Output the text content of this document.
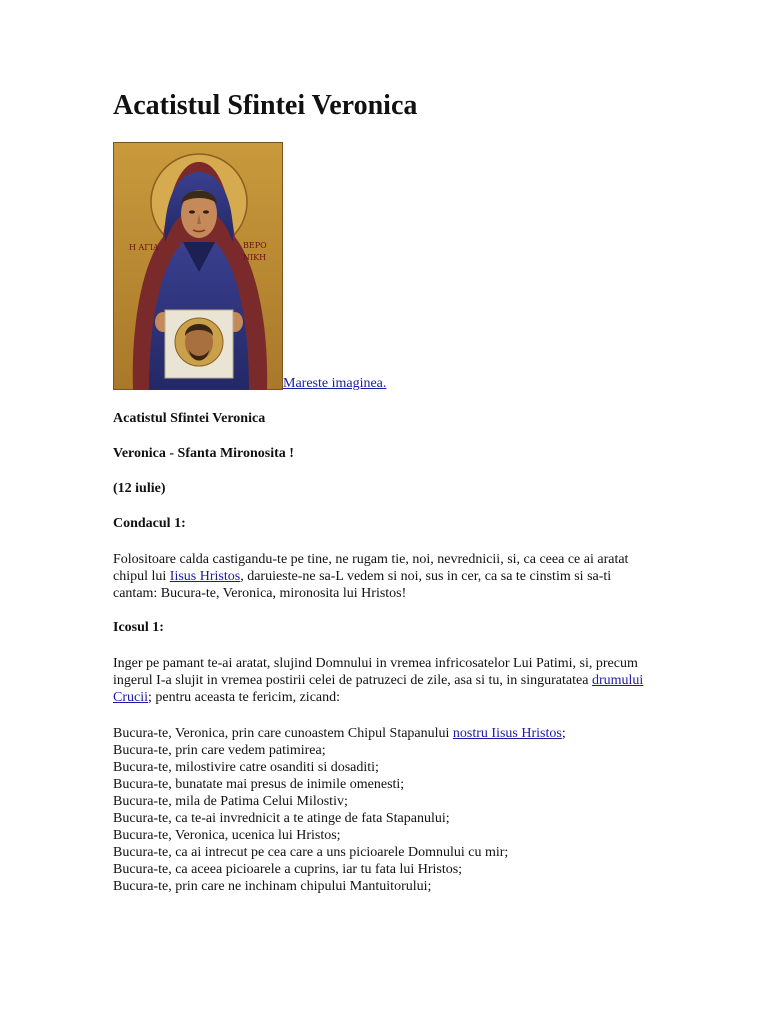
Acatistul Sfintei Veronica
Η ΑΓΙΑ	ΒΕΡΟ
ΝΙΚΗ
Mareste imaginea.
Acatistul Sfintei Veronica
Veronica - Sfanta Mironosita !
(12 iulie)
Condacul 1:
Folositoare calda castigandu-te pe tine, ne rugam tie, noi, nevrednicii, si, ca ceea ce ai aratat chipul lui Iisus Hristos, daruieste-ne sa-L vedem si noi, sus in cer, ca sa te cinstim si sa-ti cantam: Bucura-te, Veronica, mironosita lui Hristos!
Icosul 1:
Inger pe pamant te-ai aratat, slujind Domnului in vremea infricosatelor Lui Patimi, si, precum ingerul I-a slujit in vremea postirii celei de patruzeci de zile, asa si tu, in singuratatea drumului Crucii; pentru aceasta te fericim, zicand:
Bucura-te, Veronica, prin care cunoastem Chipul Stapanului nostru Iisus Hristos;
Bucura-te, prin care vedem patimirea;
Bucura-te, milostivire catre osanditi si dosaditi;
Bucura-te, bunatate mai presus de inimile omenesti;
Bucura-te, mila de Patima Celui Milostiv;
Bucura-te, ca te-ai invrednicit a te atinge de fata Stapanului;
Bucura-te, Veronica, ucenica lui Hristos;
Bucura-te, ca ai intrecut pe cea care a uns picioarele Domnului cu mir;
Bucura-te, ca aceea picioarele a cuprins, iar tu fata lui Hristos;
Bucura-te, prin care ne inchinam chipului Mantuitorului;
